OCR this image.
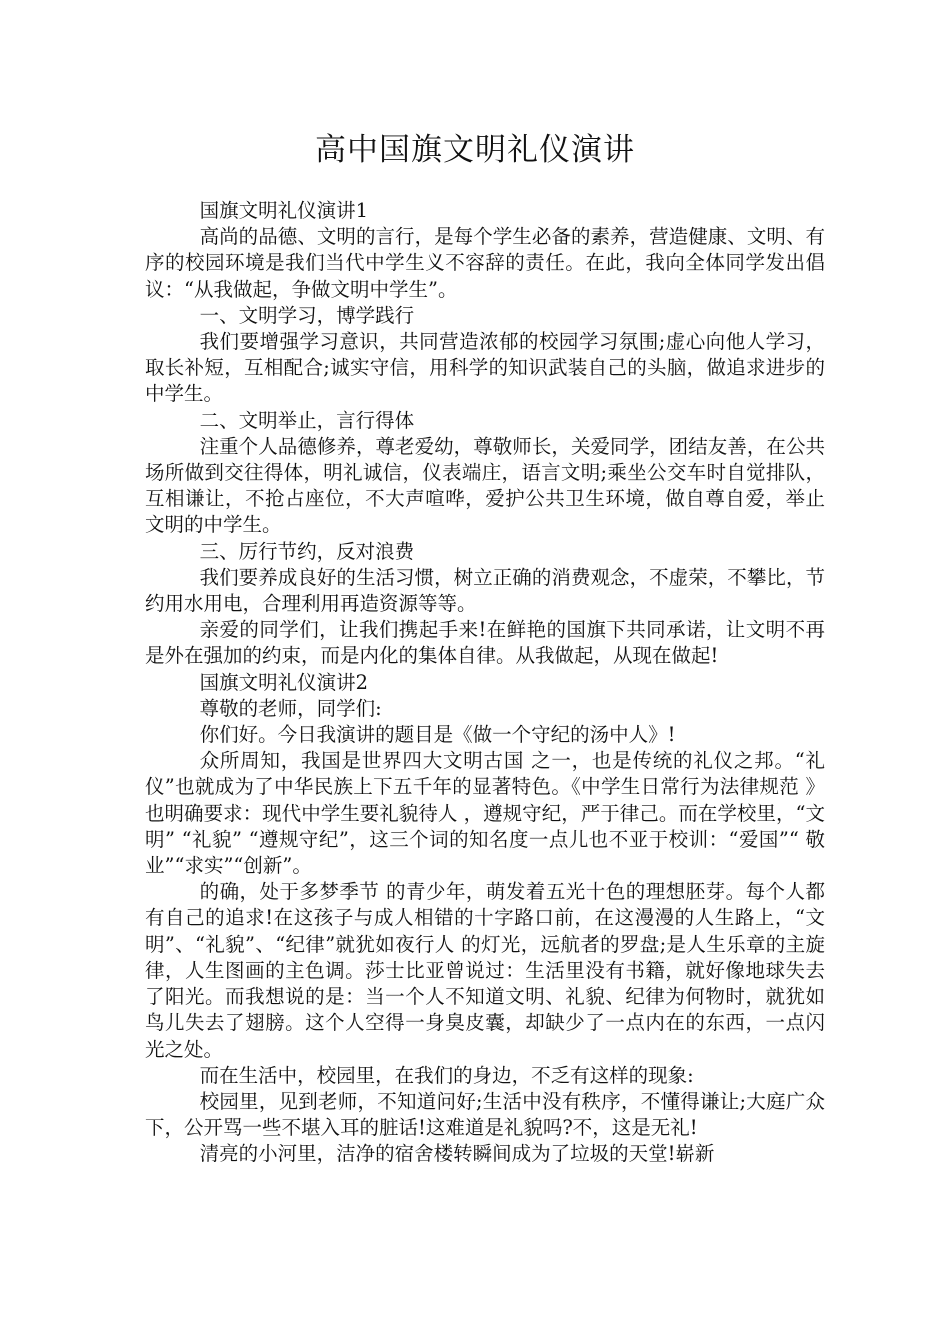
高中国旗文明礼仪演讲

国旗文明礼仪演讲1

高尚的品德、文明的言行，是每个学生必备的素养，营造健康、文明、有序的校园环境是我们当代中学生义不容辞的责任。在此，我向全体同学发出倡议：“从我做起，争做文明中学生”。

一、文明学习，博学践行

我们要增强学习意识，共同营造浓郁的校园学习氛围;虚心向他人学习，取长补短，互相配合;诚实守信，用科学的知识武装自己的头脑，做追求进步的中学生。

二、文明举止，言行得体

注重个人品德修养，尊老爱幼，尊敬师长，关爱同学，团结友善，在公共场所做到交往得体，明礼诚信，仪表端庄，语言文明;乘坐公交车时自觉排队，互相谦让，不抢占座位，不大声喧哗，爱护公共卫生环境，做自尊自爱，举止文明的中学生。

三、厉行节约，反对浪费

我们要养成良好的生活习惯，树立正确的消费观念，不虚荣，不攀比，节约用水用电，合理利用再造资源等等。

亲爱的同学们，让我们携起手来!在鲜艳的国旗下共同承诺，让文明不再是外在强加的约束，而是内化的集体自律。从我做起，从现在做起!

国旗文明礼仪演讲2

尊敬的老师，同学们:

你们好。今日我演讲的题目是《做一个守纪的汤中人》!

众所周知，我国是世界四大文明古国 之一，也是传统的礼仪之邦。“礼仪”也就成为了中华民族上下五千年的显著特色。《中学生日常行为法律规范 》也明确要求：现代中学生要礼貌待人 ，遵规守纪，严于律己。而在学校里，“文明” “礼貌” “遵规守纪”，这三个词的知名度一点儿也不亚于校训：“爱国”“ 敬业”“求实”“创新”。

的确，处于多梦季节 的青少年，萌发着五光十色的理想胚芽。每个人都有自己的追求!在这孩子与成人相错的十字路口前，在这漫漫的人生路上，“文明”、“礼貌”、“纪律”就犹如夜行人 的灯光，远航者的罗盘;是人生乐章的主旋律，人生图画的主色调。莎士比亚曾说过：生活里没有书籍，就好像地球失去了阳光。而我想说的是：当一个人不知道文明、礼貌、纪律为何物时，就犹如鸟儿失去了翅膀。这个人空得一身臭皮囊，却缺少了一点内在的东西，一点闪光之处。

而在生活中，校园里，在我们的身边，不乏有这样的现象:

校园里，见到老师，不知道问好;生活中没有秩序，不懂得谦让;大庭广众下，公开骂一些不堪入耳的脏话!这难道是礼貌吗?不，这是无礼!

清亮的小河里，洁净的宿舍楼转瞬间成为了垃圾的天堂!崭新
